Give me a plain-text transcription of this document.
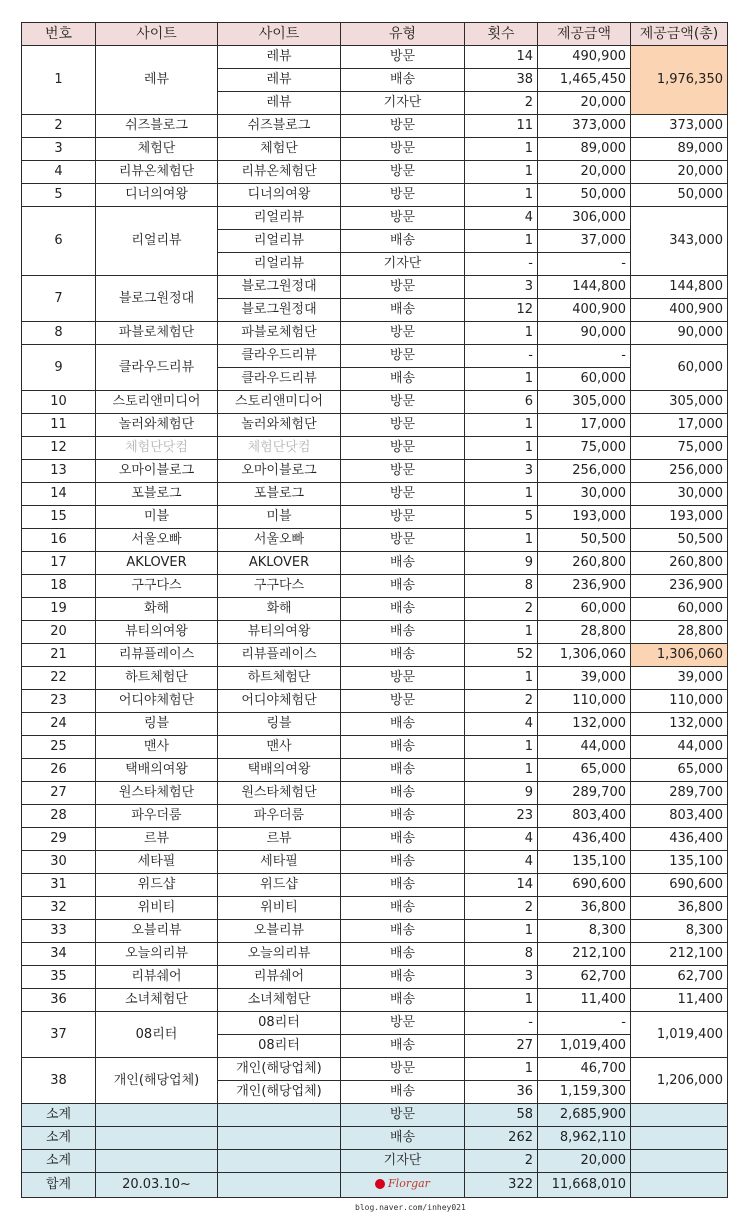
번호	사이트	사이트	유형	횟수	제공금액	제공금액(총)
1	레뷰	레뷰	방문	14	490,900	1,976,350
		레뷰	배송	38	1,465,450	
		레뷰	기자단	2	20,000	
2	쉬즈블로그	쉬즈블로그	방문	11	373,000	373,000
3	체험단	체험단	방문	1	89,000	89,000
4	리뷰온체험단	리뷰온체험단	방문	1	20,000	20,000
5	디너의여왕	디너의여왕	방문	1	50,000	50,000
6	리얼리뷰	리얼리뷰	방문	4	306,000	343,000
		리얼리뷰	배송	1	37,000	
		리얼리뷰	기자단	-	-	
7	블로그원정대	블로그원정대	방문	3	144,800	144,800
		블로그원정대	배송	12	400,900	400,900
8	파블로체험단	파블로체험단	방문	1	90,000	90,000
9	클라우드리뷰	클라우드리뷰	방문	-	-	60,000
		클라우드리뷰	배송	1	60,000	
10	스토리앤미디어	스토리앤미디어	방문	6	305,000	305,000
11	놀러와체험단	놀러와체험단	방문	1	17,000	17,000
12	체험단닷컴	체험단닷컴	방문	1	75,000	75,000
13	오마이블로그	오마이블로그	방문	3	256,000	256,000
14	포블로그	포블로그	방문	1	30,000	30,000
15	미블	미블	방문	5	193,000	193,000
16	서울오빠	서울오빠	방문	1	50,500	50,500
17	AKLOVER	AKLOVER	배송	9	260,800	260,800
18	구구다스	구구다스	배송	8	236,900	236,900
19	화해	화해	배송	2	60,000	60,000
20	뷰티의여왕	뷰티의여왕	배송	1	28,800	28,800
21	리뷰플레이스	리뷰플레이스	배송	52	1,306,060	1,306,060
22	하트체험단	하트체험단	방문	1	39,000	39,000
23	어디야체험단	어디야체험단	방문	2	110,000	110,000
24	링블	링블	배송	4	132,000	132,000
25	맨사	맨사	배송	1	44,000	44,000
26	택배의여왕	택배의여왕	배송	1	65,000	65,000
27	원스타체험단	원스타체험단	배송	9	289,700	289,700
28	파우더룸	파우더룸	배송	23	803,400	803,400
29	르뷰	르뷰	배송	4	436,400	436,400
30	세타필	세타필	배송	4	135,100	135,100
31	위드샵	위드샵	배송	14	690,600	690,600
32	위비티	위비티	배송	2	36,800	36,800
33	오블리뷰	오블리뷰	배송	1	8,300	8,300
34	오늘의리뷰	오늘의리뷰	배송	8	212,100	212,100
35	리뷰쉐어	리뷰쉐어	배송	3	62,700	62,700
36	소녀체험단	소녀체험단	배송	1	11,400	11,400
37	08리터	08리터	방문	-	-	1,019,400
		08리터	배송	27	1,019,400	
38	개인(해당업체)	개인(해당업체)	방문	1	46,700	1,206,000
		개인(해당업체)	배송	36	1,159,300	
소계			방문	58	2,685,900	
소계			배송	262	8,962,110	
소계			기자단	2	20,000	
합계	20.03.10~		Florgar	322	11,668,010	
blog.naver.com/inhey021
